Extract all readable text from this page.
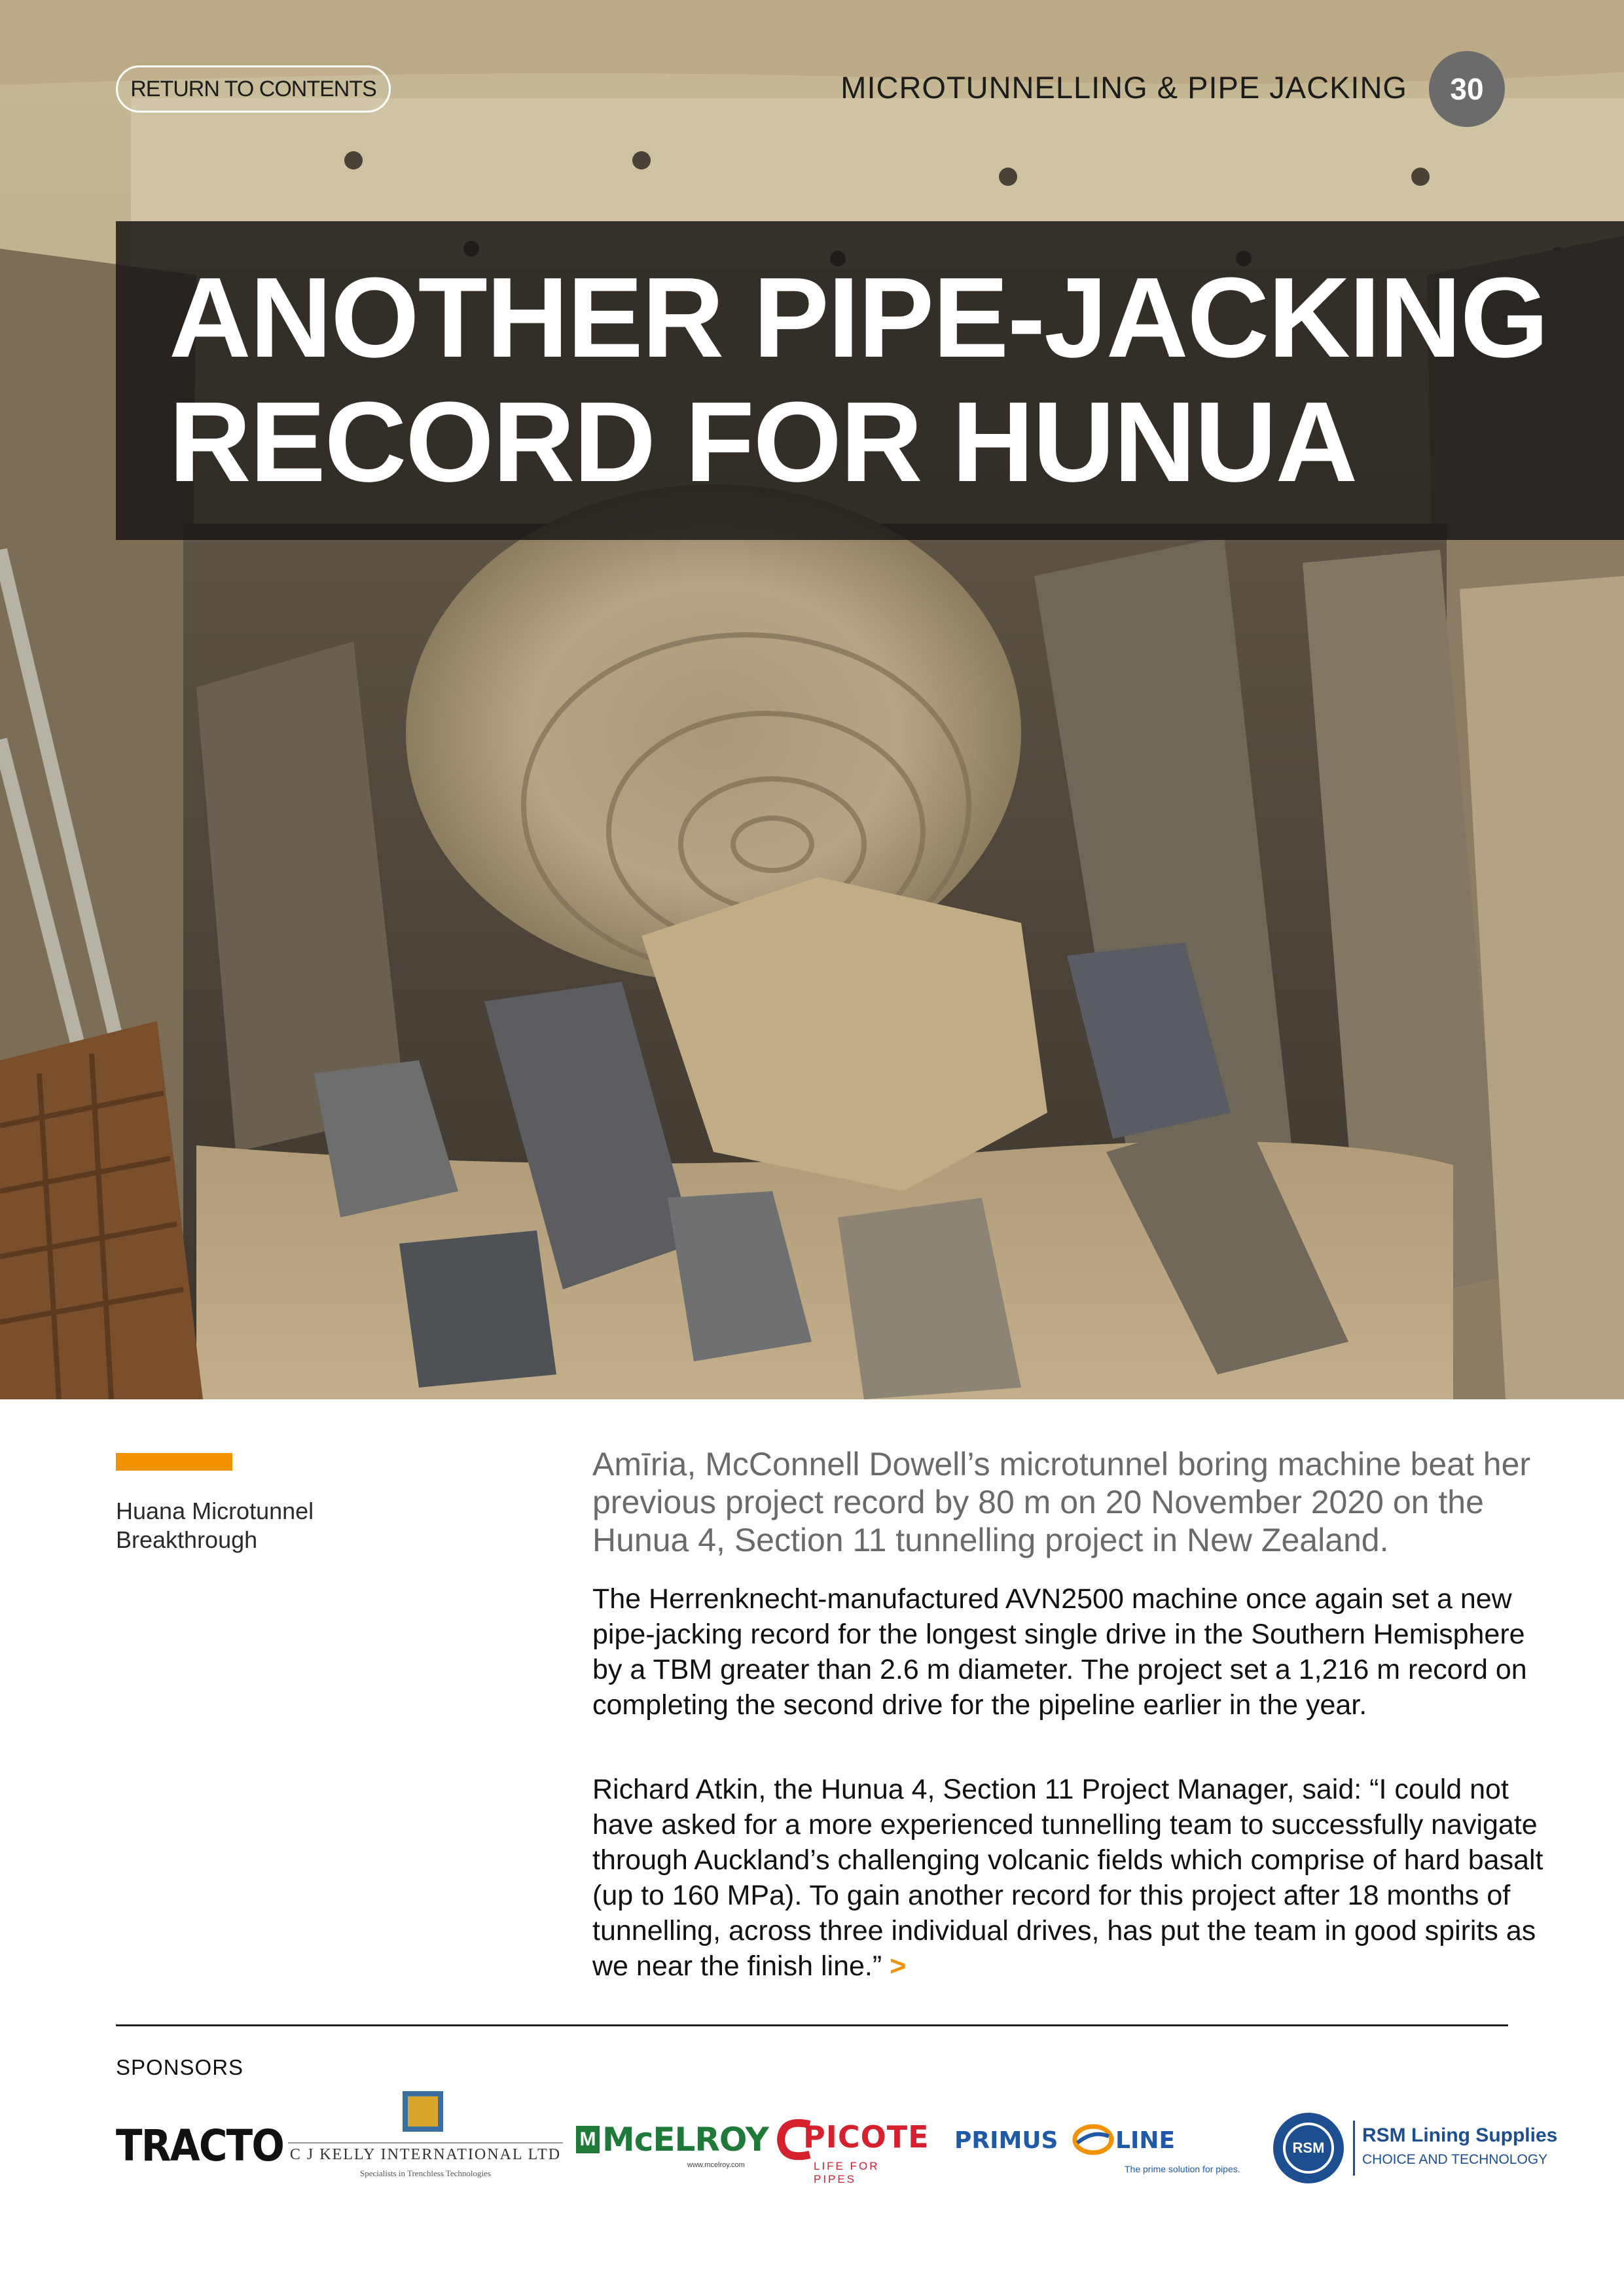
RETURN TO CONTENTS	MICROTUNNELLING & PIPE JACKING 30
ANOTHER PIPE-JACKING
RECORD FOR HUNUA
Huana Microtunnel
Breakthrough

Amīria, McConnell Dowell’s microtunnel boring machine beat her previous project record by 80 m on 20 November 2020 on the Hunua 4, Section 11 tunnelling project in New Zealand.

The Herrenknecht-manufactured AVN2500 machine once again set a new pipe-jacking record for the longest single drive in the Southern Hemisphere by a TBM greater than 2.6 m diameter. The project set a 1,216 m record on completing the second drive for the pipeline earlier in the year.

Richard Atkin, the Hunua 4, Section 11 Project Manager, said: “I could not have asked for a more experienced tunnelling team to successfully navigate through Auckland’s challenging volcanic fields which comprise of hard basalt (up to 160 MPa). To gain another record for this project after 18 months of tunnelling, across three individual drives, has put the team in good spirits as we near the finish line.” >

SPONSORS
TRACTO C J KELLY INTERNATIONAL LTD
Specialists in Trenchless Technologies
M McELROY
www.mcelroy.com
PICOTE
LIFE FOR PIPES
PRIMUS LINE
The prime solution for pipes.
RSM
RSM Lining Supplies
CHOICE AND TECHNOLOGY
